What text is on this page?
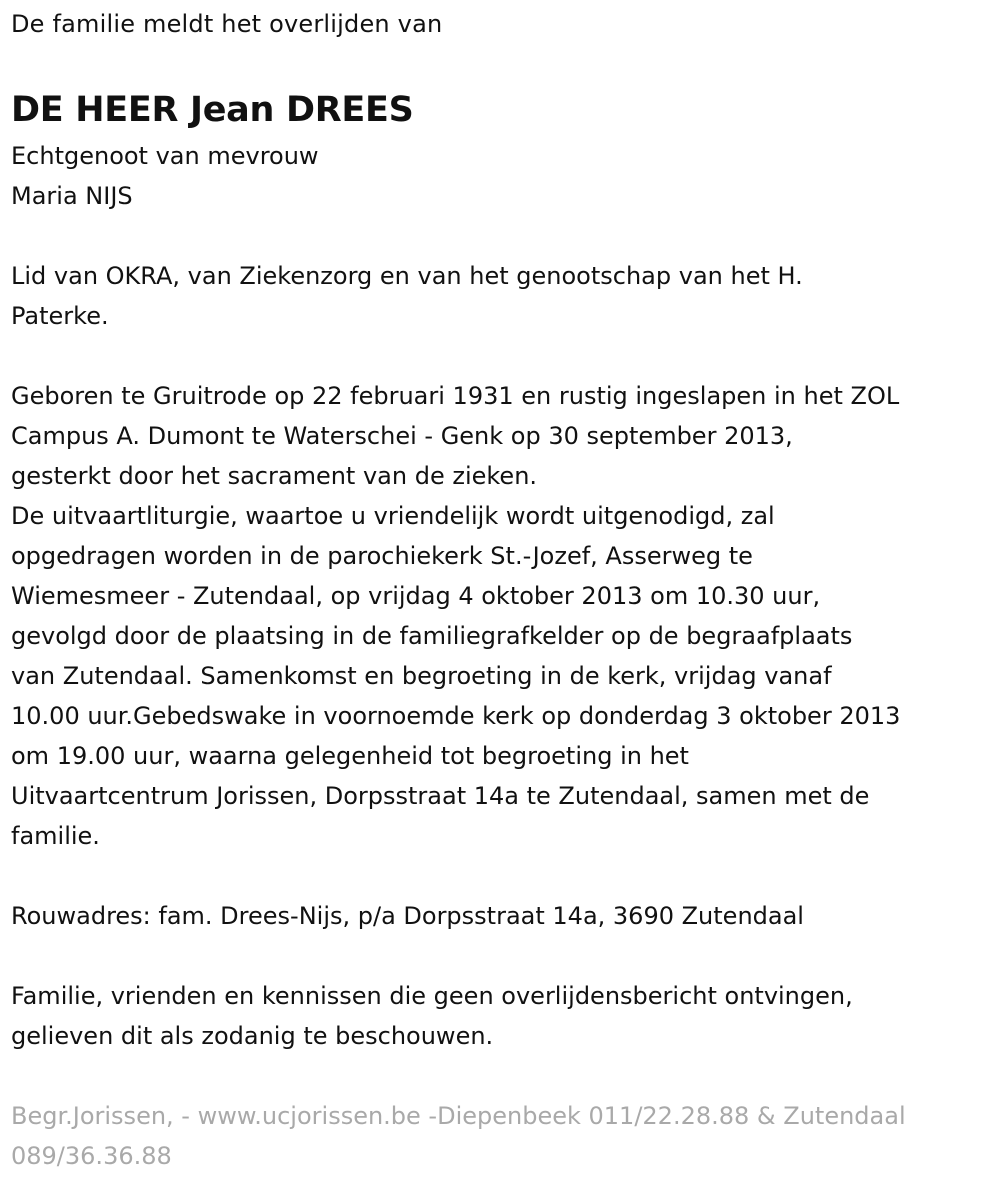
De familie meldt het overlijden van
DE HEER Jean DREES
Echtgenoot van mevrouw
Maria NIJS
Lid van OKRA, van Ziekenzorg en van het genootschap van het H.
Paterke.
Geboren te Gruitrode op 22 februari 1931 en rustig ingeslapen in het ZOL
Campus A. Dumont te Waterschei - Genk op 30 september 2013,
gesterkt door het sacrament van de zieken.
De uitvaartliturgie, waartoe u vriendelijk wordt uitgenodigd, zal
opgedragen worden in de parochiekerk St.-Jozef, Asserweg te
Wiemesmeer - Zutendaal, op vrijdag 4 oktober 2013 om 10.30 uur,
gevolgd door de plaatsing in de familiegrafkelder op de begraafplaats
van Zutendaal. Samenkomst en begroeting in de kerk, vrijdag vanaf
10.00 uur.Gebedswake in voornoemde kerk op donderdag 3 oktober 2013
om 19.00 uur, waarna gelegenheid tot begroeting in het
Uitvaartcentrum Jorissen, Dorpsstraat 14a te Zutendaal, samen met de
familie.
Rouwadres: fam. Drees-Nijs, p/a Dorpsstraat 14a, 3690 Zutendaal
Familie, vrienden en kennissen die geen overlijdensbericht ontvingen,
gelieven dit als zodanig te beschouwen.
Begr.Jorissen, - www.ucjorissen.be -Diepenbeek 011/22.28.88 & Zutendaal
089/36.36.88
